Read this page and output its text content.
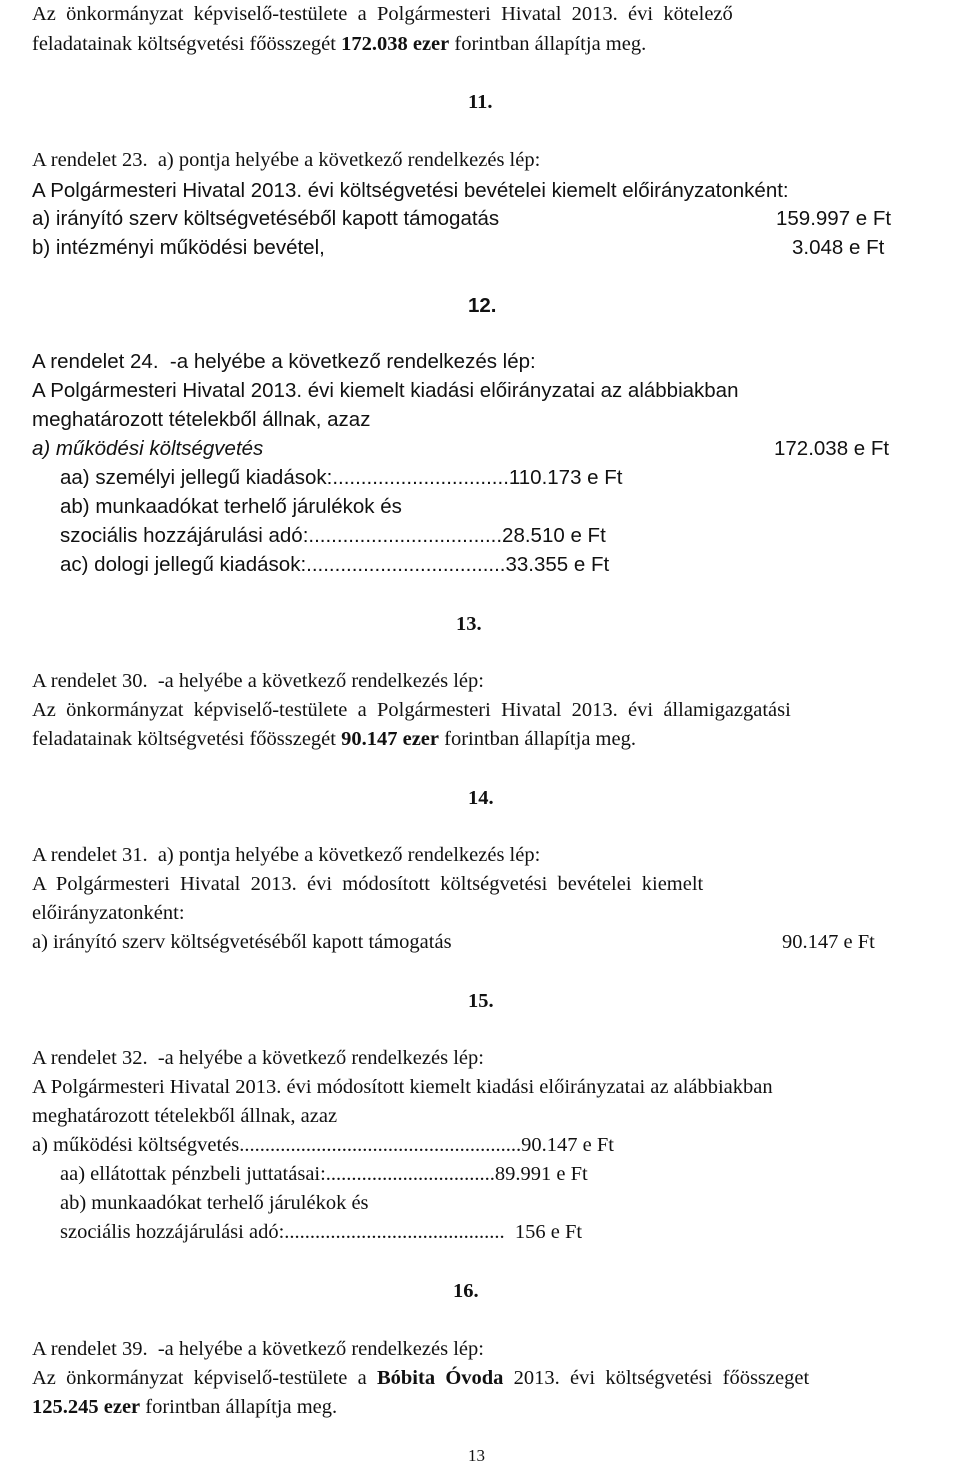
Az  önkormányzat  képviselő-testülete  a  Polgármesteri  Hivatal  2013.  évi  kötelező
feladatainak költségvetési főösszegét 172.038 ezer forintban állapítja meg.
11.
A rendelet 23.  a) pontja helyébe a következő rendelkezés lép:
A Polgármesteri Hivatal 2013. évi költségvetési bevételei kiemelt előirányzatonként:
a) irányító szerv költségvetéséből kapott támogatás	159.997 e Ft
b) intézményi működési bevétel,	3.048 e Ft
12.
A rendelet 24.  -a helyébe a következő rendelkezés lép:
A Polgármesteri Hivatal 2013. évi kiemelt kiadási előirányzatai az alábbiakban
meghatározott tételekből állnak, azaz
a) működési költségvetés	172.038 e Ft
aa) személyi jellegű kiadások:...............................110.173 e Ft
ab) munkaadókat terhelő járulékok és
szociális hozzájárulási adó:..................................28.510 e Ft
ac) dologi jellegű kiadások:...................................33.355 e Ft
13.
A rendelet 30.  -a helyébe a következő rendelkezés lép:
Az  önkormányzat  képviselő-testülete  a  Polgármesteri  Hivatal  2013.  évi  államigazgatási
feladatainak költségvetési főösszegét 90.147 ezer forintban állapítja meg.
14.
A rendelet 31.  a) pontja helyébe a következő rendelkezés lép:
A  Polgármesteri  Hivatal  2013.  évi  módosított  költségvetési  bevételei  kiemelt
előirányzatonként:
a) irányító szerv költségvetéséből kapott támogatás	90.147 e Ft
15.
A rendelet 32.  -a helyébe a következő rendelkezés lép:
A Polgármesteri Hivatal 2013. évi módosított kiemelt kiadási előirányzatai az alábbiakban
meghatározott tételekből állnak, azaz
a) működési költségvetés.......................................................90.147 e Ft
aa) ellátottak pénzbeli juttatásai:.................................89.991 e Ft
ab) munkaadókat terhelő járulékok és
szociális hozzájárulási adó:...........................................  156 e Ft
16.
A rendelet 39.  -a helyébe a következő rendelkezés lép:
Az  önkormányzat  képviselő-testülete  a  Bóbita  Óvoda  2013.  évi  költségvetési  főösszeget
125.245 ezer forintban állapítja meg.
13
